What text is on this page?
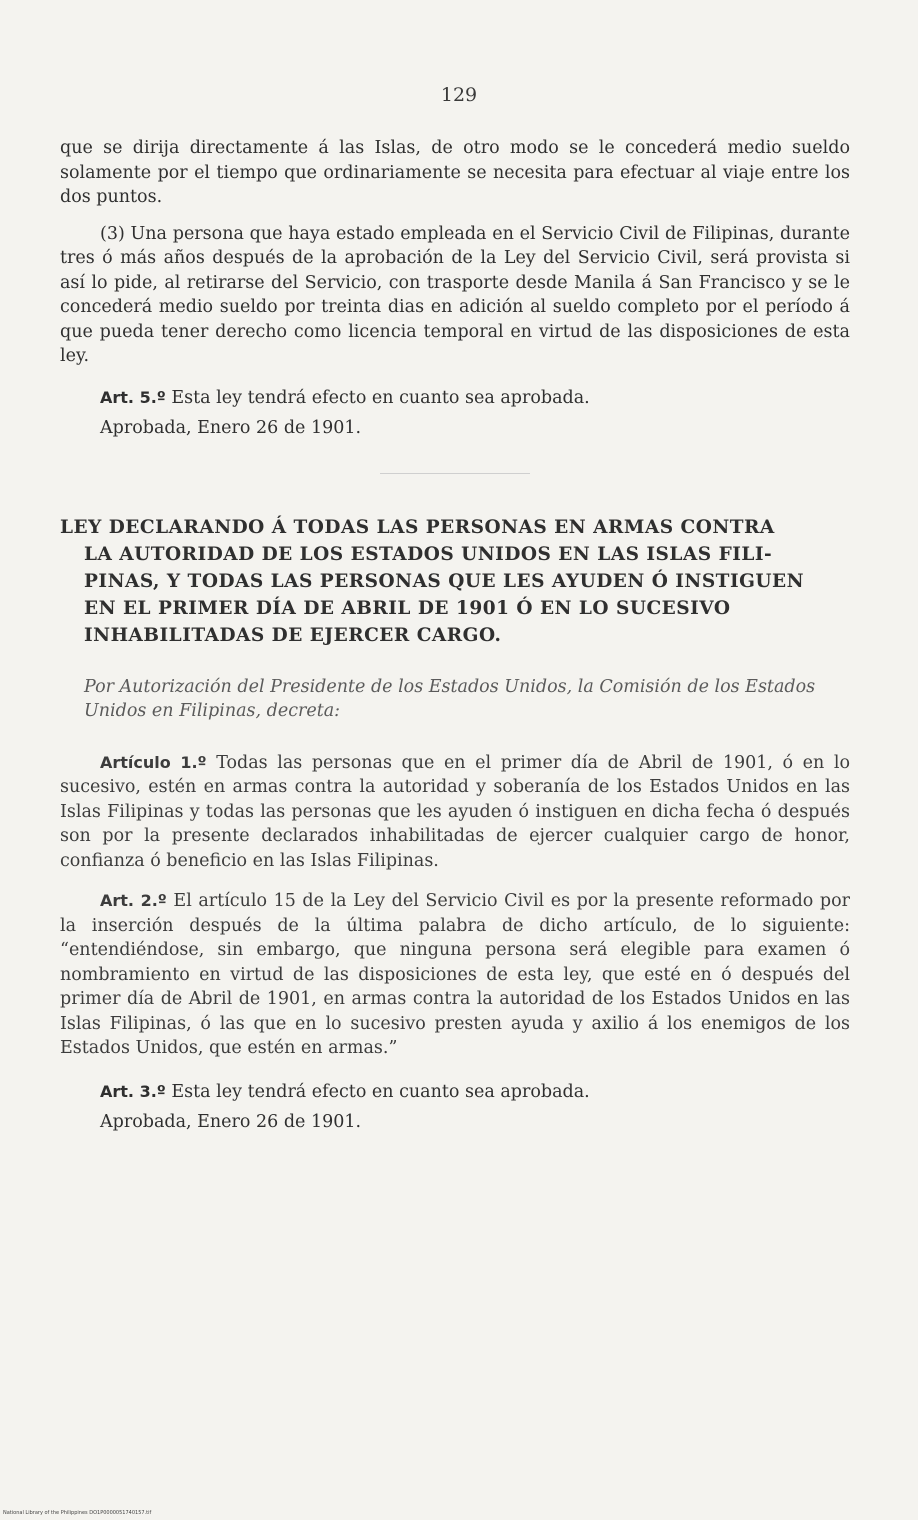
129

que se dirija directamente á las Islas, de otro modo se le concederá medio sueldo solamente por el tiempo que ordinariamente se necesita para efectuar al viaje entre los dos puntos.

(3) Una persona que haya estado empleada en el Servicio Civil de Filipinas, durante tres ó más años después de la aprobación de la Ley del Servicio Civil, será provista si así lo pide, al retirarse del Servicio, con trasporte desde Manila á San Francisco y se le concederá medio sueldo por treinta dias en adición al sueldo completo por el período á que pueda tener derecho como licencia temporal en virtud de las disposiciones de esta ley.

Art. 5.º Esta ley tendrá efecto en cuanto sea aprobada.

Aprobada, Enero 26 de 1901.

LEY DECLARANDO Á TODAS LAS PERSONAS EN ARMAS CONTRA
LA AUTORIDAD DE LOS ESTADOS UNIDOS EN LAS ISLAS FILI-
PINAS, Y TODAS LAS PERSONAS QUE LES AYUDEN Ó INSTIGUEN
EN EL PRIMER DÍA DE ABRIL DE 1901 Ó EN LO SUCESIVO
INHABILITADAS DE EJERCER CARGO.

Por Autorización del Presidente de los Estados Unidos, la Comisión de los Estados Unidos en Filipinas, decreta:

Artículo 1.º Todas las personas que en el primer día de Abril de 1901, ó en lo sucesivo, estén en armas contra la autoridad y soberanía de los Estados Unidos en las Islas Filipinas y todas las personas que les ayuden ó instiguen en dicha fecha ó después son por la presente declarados inhabilitadas de ejercer cualquier cargo de honor, confianza ó beneficio en las Islas Filipinas.

Art. 2.º El artículo 15 de la Ley del Servicio Civil es por la presente reformado por la inserción después de la última palabra de dicho artículo, de lo siguiente: “entendiéndose, sin embargo, que ninguna persona será elegible para examen ó nombramiento en virtud de las disposiciones de esta ley, que esté en ó después del primer día de Abril de 1901, en armas contra la autoridad de los Estados Unidos en las Islas Filipinas, ó las que en lo sucesivo presten ayuda y axilio á los enemigos de los Estados Unidos, que estén en armas.”

Art. 3.º Esta ley tendrá efecto en cuanto sea aprobada.

Aprobada, Enero 26 de 1901.

National Library of the Philippines DO1P0000051740157.tif
